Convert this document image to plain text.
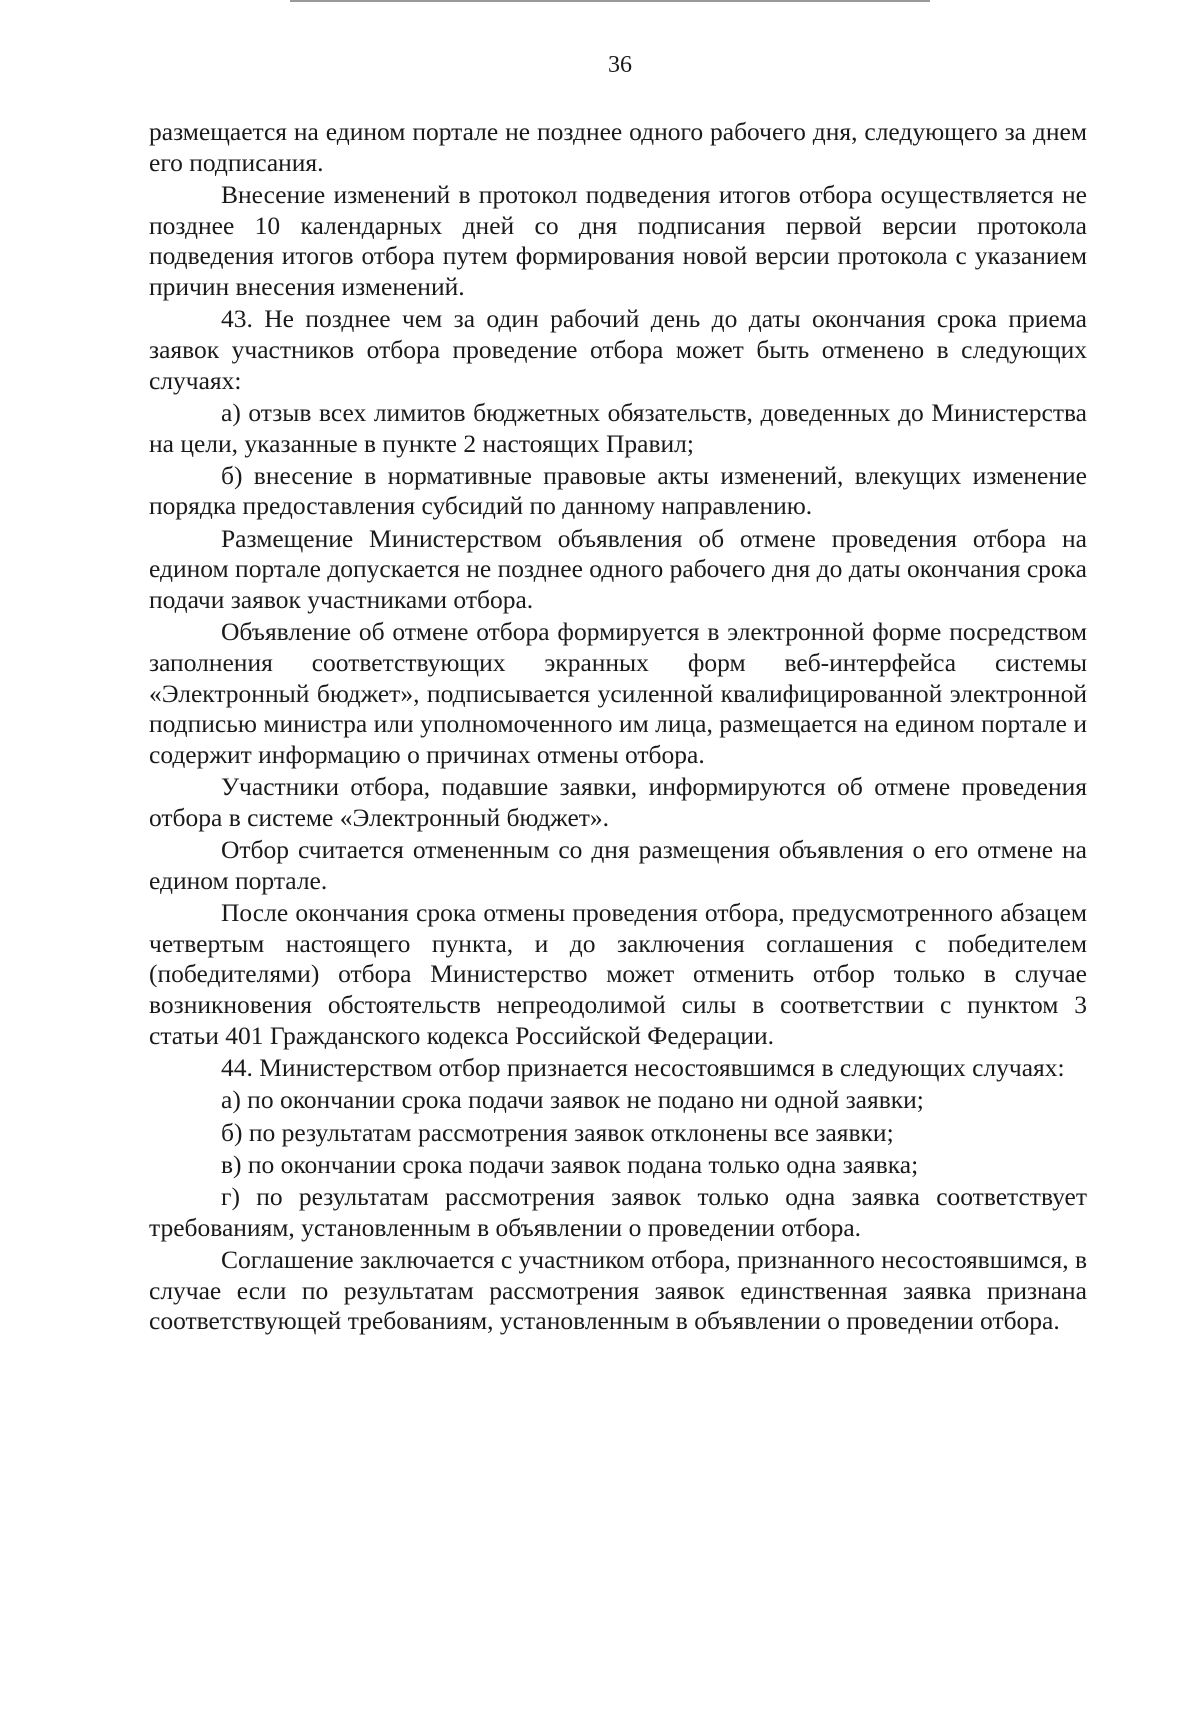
36

размещается на едином портале не позднее одного рабочего дня, следующего за днем его подписания.

Внесение изменений в протокол подведения итогов отбора осуществляется не позднее 10 календарных дней со дня подписания первой версии протокола подведения итогов отбора путем формирования новой версии протокола с указанием причин внесения изменений.

43. Не позднее чем за один рабочий день до даты окончания срока приема заявок участников отбора проведение отбора может быть отменено в следующих случаях:

а) отзыв всех лимитов бюджетных обязательств, доведенных до Министерства на цели, указанные в пункте 2 настоящих Правил;

б) внесение в нормативные правовые акты изменений, влекущих изменение порядка предоставления субсидий по данному направлению.

Размещение Министерством объявления об отмене проведения отбора на едином портале допускается не позднее одного рабочего дня до даты окончания срока подачи заявок участниками отбора.

Объявление об отмене отбора формируется в электронной форме посредством заполнения соответствующих экранных форм веб-интерфейса системы «Электронный бюджет», подписывается усиленной квалифицированной электронной подписью министра или уполномоченного им лица, размещается на едином портале и содержит информацию о причинах отмены отбора.

Участники отбора, подавшие заявки, информируются об отмене проведения отбора в системе «Электронный бюджет».

Отбор считается отмененным со дня размещения объявления о его отмене на едином портале.

После окончания срока отмены проведения отбора, предусмотренного абзацем четвертым настоящего пункта, и до заключения соглашения с победителем (победителями) отбора Министерство может отменить отбор только в случае возникновения обстоятельств непреодолимой силы в соответствии с пунктом 3 статьи 401 Гражданского кодекса Российской Федерации.

44. Министерством отбор признается несостоявшимся в следующих случаях:

а) по окончании срока подачи заявок не подано ни одной заявки;

б) по результатам рассмотрения заявок отклонены все заявки;

в) по окончании срока подачи заявок подана только одна заявка;

г) по результатам рассмотрения заявок только одна заявка соответствует требованиям, установленным в объявлении о проведении отбора.

Соглашение заключается с участником отбора, признанного несостоявшимся, в случае если по результатам рассмотрения заявок единственная заявка признана соответствующей требованиям, установленным в объявлении о проведении отбора.
